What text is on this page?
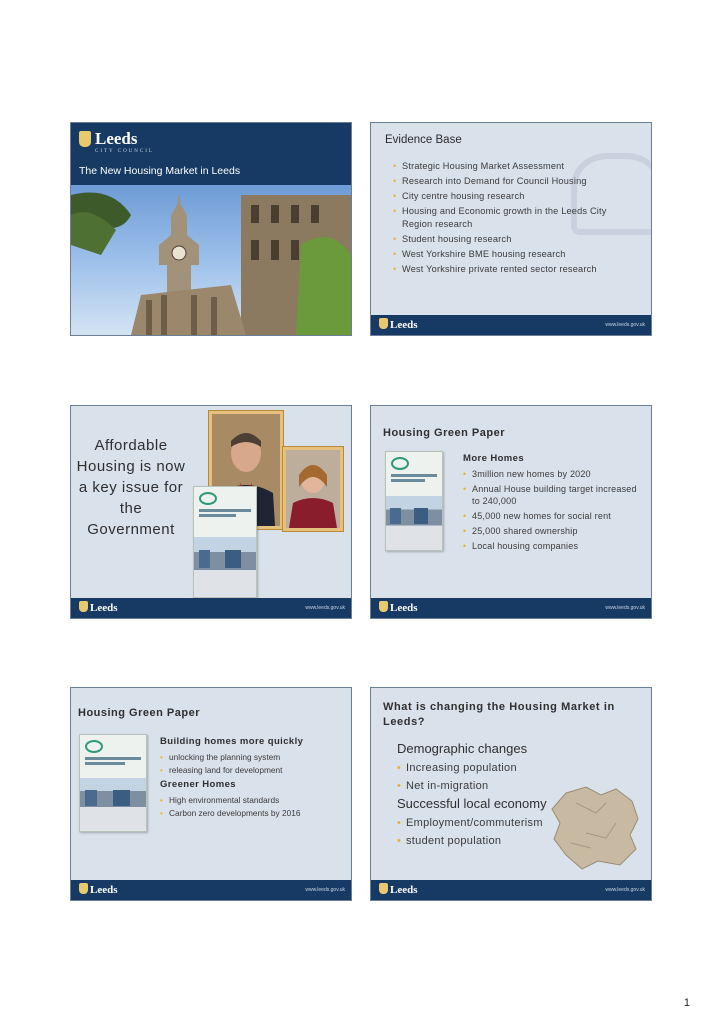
Leeds
CITY COUNCIL
The New Housing Market in Leeds
Evidence Base
• Strategic Housing Market Assessment
• Research into Demand for Council Housing
• City centre housing research
• Housing and Economic growth in the Leeds City Region research
• Student housing research
• West Yorkshire BME housing research
• West Yorkshire private rented sector research
Leeds	www.leeds.gov.uk
Affordable Housing is now a key issue for the Government
Leeds	www.leeds.gov.uk
Housing Green Paper
More Homes
• 3million new homes by 2020
• Annual House building target increased to 240,000
• 45,000 new homes for social rent
• 25,000 shared ownership
• Local housing companies
Leeds	www.leeds.gov.uk
Housing Green Paper
Building homes more quickly
• unlocking the planning system
• releasing land for development
Greener Homes
• High environmental standards
• Carbon zero developments by 2016
Leeds	www.leeds.gov.uk
What is changing the Housing Market in Leeds?
Demographic changes
• Increasing population
• Net in-migration
Successful local economy
• Employment/commuterism
• student population
Leeds	www.leeds.gov.uk
1
